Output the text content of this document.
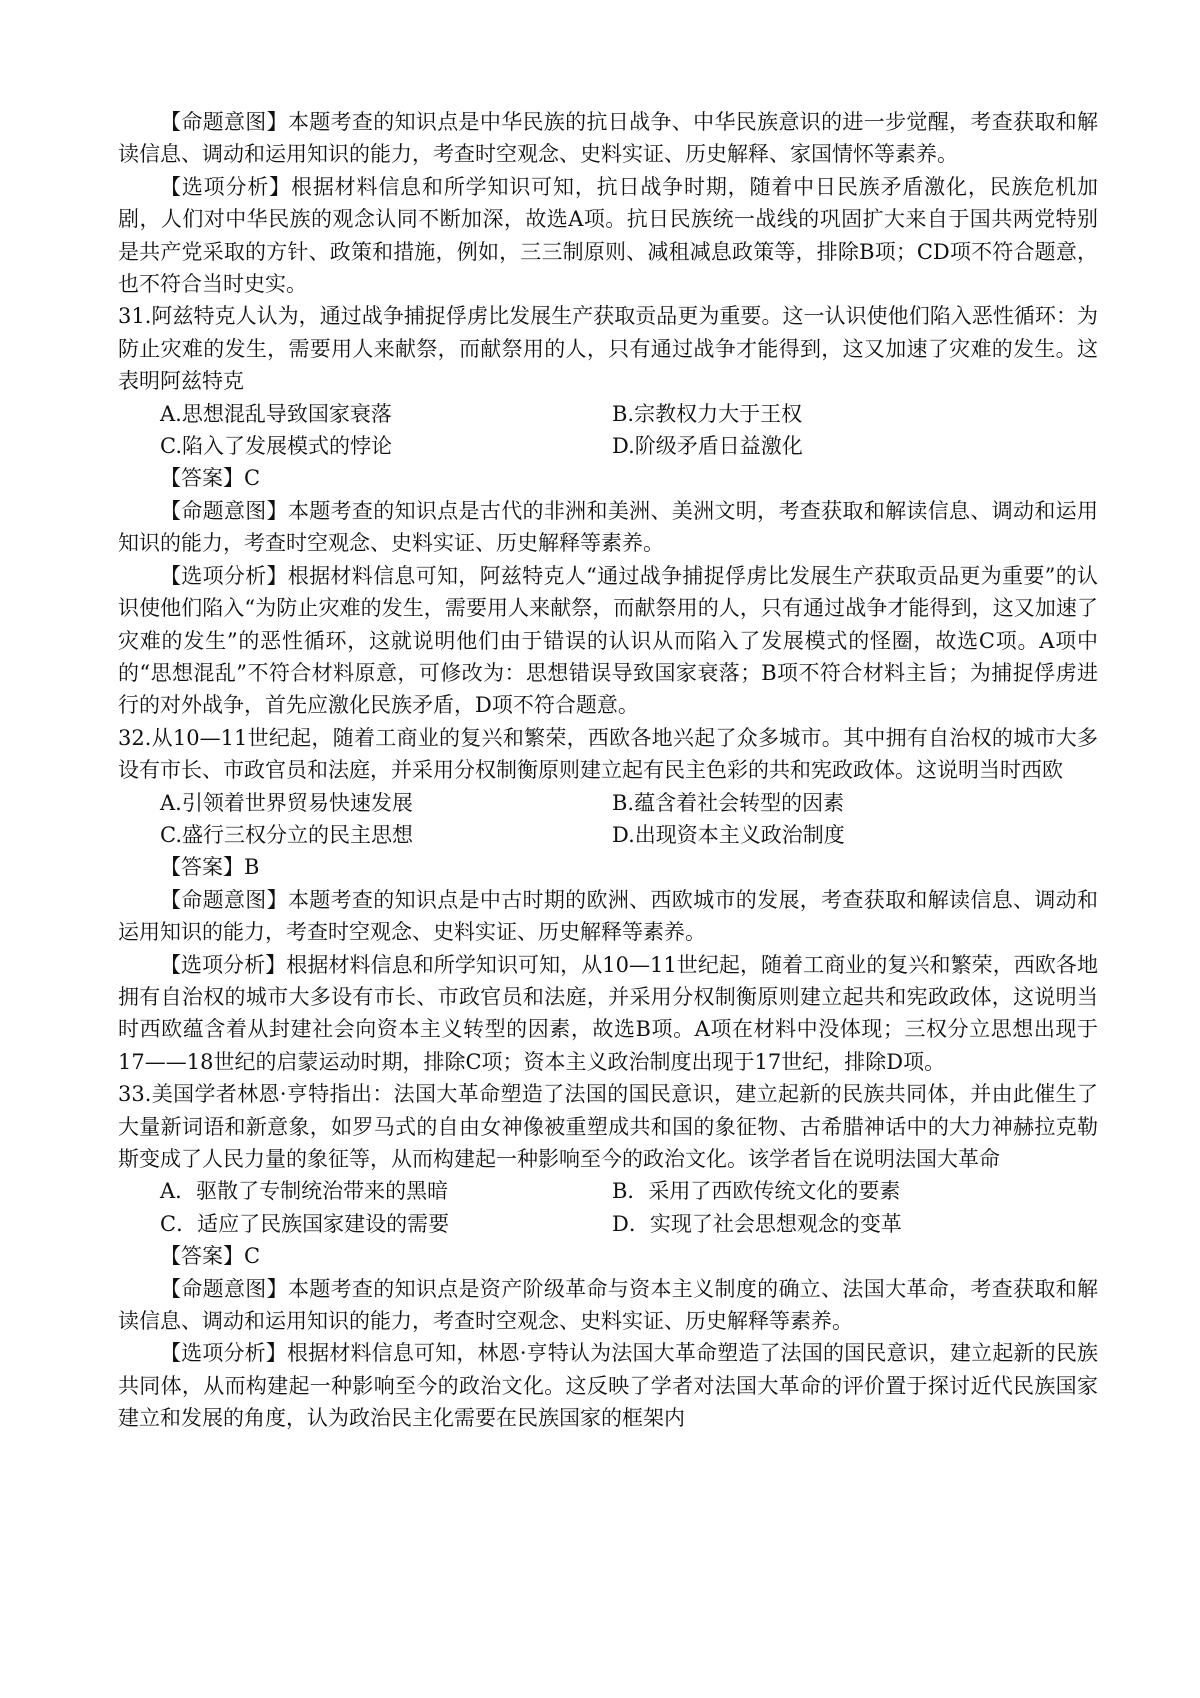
【命题意图】本题考查的知识点是中华民族的抗日战争、中华民族意识的进一步觉醒，考查获取和解读信息、调动和运用知识的能力，考查时空观念、史料实证、历史解释、家国情怀等素养。

【选项分析】根据材料信息和所学知识可知，抗日战争时期，随着中日民族矛盾激化，民族危机加剧，人们对中华民族的观念认同不断加深，故选A项。抗日民族统一战线的巩固扩大来自于国共两党特别是共产党采取的方针、政策和措施，例如，三三制原则、减租减息政策等，排除B项；CD项不符合题意，也不符合当时史实。

31.阿兹特克人认为，通过战争捕捉俘虏比发展生产获取贡品更为重要。这一认识使他们陷入恶性循环：为防止灾难的发生，需要用人来献祭，而献祭用的人，只有通过战争才能得到，这又加速了灾难的发生。这表明阿兹特克

A.思想混乱导致国家衰落	B.宗教权力大于王权

C.陷入了发展模式的悖论	D.阶级矛盾日益激化

【答案】C

【命题意图】本题考查的知识点是古代的非洲和美洲、美洲文明，考查获取和解读信息、调动和运用知识的能力，考查时空观念、史料实证、历史解释等素养。

【选项分析】根据材料信息可知，阿兹特克人“通过战争捕捉俘虏比发展生产获取贡品更为重要”的认识使他们陷入“为防止灾难的发生，需要用人来献祭，而献祭用的人，只有通过战争才能得到，这又加速了灾难的发生”的恶性循环，这就说明他们由于错误的认识从而陷入了发展模式的怪圈，故选C项。A项中的“思想混乱”不符合材料原意，可修改为：思想错误导致国家衰落；B项不符合材料主旨；为捕捉俘虏进行的对外战争，首先应激化民族矛盾，D项不符合题意。

32.从10—11世纪起，随着工商业的复兴和繁荣，西欧各地兴起了众多城市。其中拥有自治权的城市大多设有市长、市政官员和法庭，并采用分权制衡原则建立起有民主色彩的共和宪政政体。这说明当时西欧

A.引领着世界贸易快速发展	B.蕴含着社会转型的因素

C.盛行三权分立的民主思想	D.出现资本主义政治制度

【答案】B

【命题意图】本题考查的知识点是中古时期的欧洲、西欧城市的发展，考查获取和解读信息、调动和运用知识的能力，考查时空观念、史料实证、历史解释等素养。

【选项分析】根据材料信息和所学知识可知，从10—11世纪起，随着工商业的复兴和繁荣，西欧各地拥有自治权的城市大多设有市长、市政官员和法庭，并采用分权制衡原则建立起共和宪政政体，这说明当时西欧蕴含着从封建社会向资本主义转型的因素，故选B项。A项在材料中没体现；三权分立思想出现于17——18世纪的启蒙运动时期，排除C项；资本主义政治制度出现于17世纪，排除D项。

33.美国学者林恩·亨特指出：法国大革命塑造了法国的国民意识，建立起新的民族共同体，并由此催生了大量新词语和新意象，如罗马式的自由女神像被重塑成共和国的象征物、古希腊神话中的大力神赫拉克勒斯变成了人民力量的象征等，从而构建起一种影响至今的政治文化。该学者旨在说明法国大革命

A．驱散了专制统治带来的黑暗	B．采用了西欧传统文化的要素

C．适应了民族国家建设的需要	D．实现了社会思想观念的变革

【答案】C

【命题意图】本题考查的知识点是资产阶级革命与资本主义制度的确立、法国大革命，考查获取和解读信息、调动和运用知识的能力，考查时空观念、史料实证、历史解释等素养。

【选项分析】根据材料信息可知，林恩·亨特认为法国大革命塑造了法国的国民意识，建立起新的民族共同体，从而构建起一种影响至今的政治文化。这反映了学者对法国大革命的评价置于探讨近代民族国家建立和发展的角度，认为政治民主化需要在民族国家的框架内
